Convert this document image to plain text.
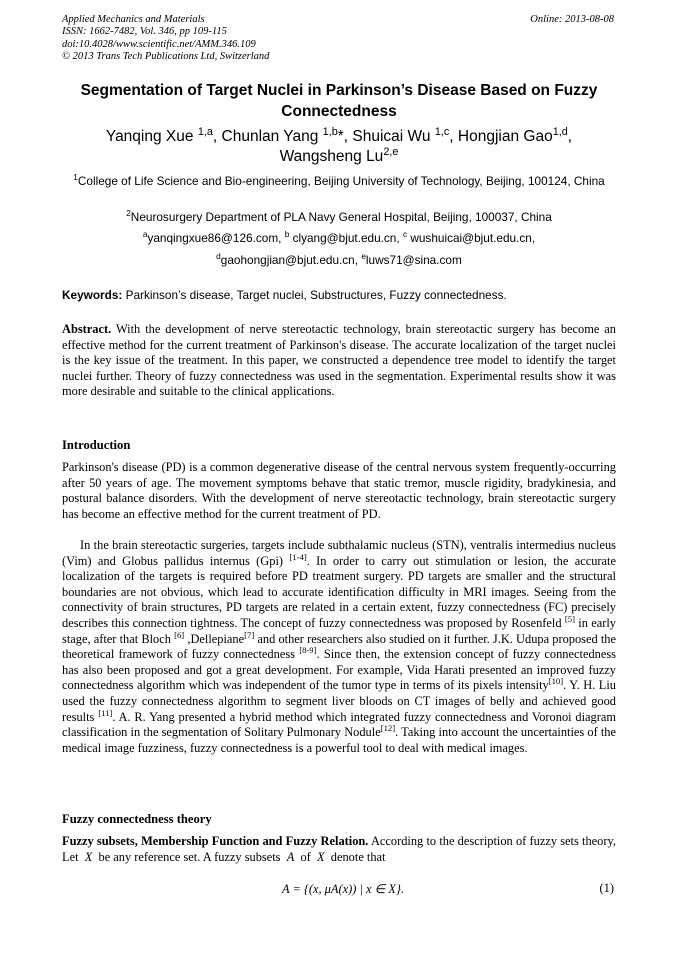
Applied Mechanics and Materials
ISSN: 1662-7482, Vol. 346, pp 109-115
doi:10.4028/www.scientific.net/AMM.346.109
© 2013 Trans Tech Publications Ltd, Switzerland
Online: 2013-08-08
Segmentation of Target Nuclei in Parkinson’s Disease Based on Fuzzy Connectedness
Yanqing Xue $^{1,a}$, Chunlan Yang $^{1,b}$*, Shuicai Wu $^{1,c}$, Hongjian Gao$^{1,d}$,
Wangsheng Lu$^{2,e}$
$^1$College of Life Science and Bio-engineering, Beijing University of Technology, Beijing, 100124, China
$^2$Neurosurgery Department of PLA Navy General Hospital, Beijing, 100037, China
$^a$yanqingxue86@126.com, $^b$ clyang@bjut.edu.cn, $^c$ wushuicai@bjut.edu.cn,
$^d$gaohongjian@bjut.edu.cn, $^e$luws71@sina.com
Keywords: Parkinson’s disease, Target nuclei, Substructures, Fuzzy connectedness.
Abstract. With the development of nerve stereotactic technology, brain stereotactic surgery has become an effective method for the current treatment of Parkinson's disease. The accurate localization of the target nuclei is the key issue of the treatment. In this paper, we constructed a dependence tree model to identify the target nuclei further. Theory of fuzzy connectedness was used in the segmentation. Experimental results show it was more desirable and suitable to the clinical applications.
Introduction
Parkinson's disease (PD) is a common degenerative disease of the central nervous system frequently-occurring after 50 years of age. The movement symptoms behave that static tremor, muscle rigidity, bradykinesia, and postural balance disorders. With the development of nerve stereotactic technology, brain stereotactic surgery has become an effective method for the current treatment of PD.
In the brain stereotactic surgeries, targets include subthalamic nucleus (STN), ventralis intermedius nucleus (Vim) and Globus pallidus internus (Gpi) [1-4]. In order to carry out stimulation or lesion, the accurate localization of the targets is required before PD treatment surgery. PD targets are smaller and the structural boundaries are not obvious, which lead to accurate identification difficulty in MRI images. Seeing from the connectivity of brain structures, PD targets are related in a certain extent, fuzzy connectedness (FC) precisely describes this connection tightness. The concept of fuzzy connectedness was proposed by Rosenfeld [5] in early stage, after that Bloch [6] ,Dellepiane[7] and other researchers also studied on it further. J.K. Udupa proposed the theoretical framework of fuzzy connectedness [8-9]. Since then, the extension concept of fuzzy connectedness has also been proposed and got a great development. For example, Vida Harati presented an improved fuzzy connectedness algorithm which was independent of the tumor type in terms of its pixels intensity[10]. Y. H. Liu used the fuzzy connectedness algorithm to segment liver bloods on CT images of belly and achieved good results [11]. A. R. Yang presented a hybrid method which integrated fuzzy connectedness and Voronoi diagram classification in the segmentation of Solitary Pulmonary Nodule[12]. Taking into account the uncertainties of the medical image fuzziness, fuzzy connectedness is a powerful tool to deal with medical images.
Fuzzy connectedness theory
Fuzzy subsets, Membership Function and Fuzzy Relation. According to the description of fuzzy sets theory, Let X be any reference set. A fuzzy subsets A of X denote that
A = {(x, μA(x)) | x ∈ X}.	(1)
